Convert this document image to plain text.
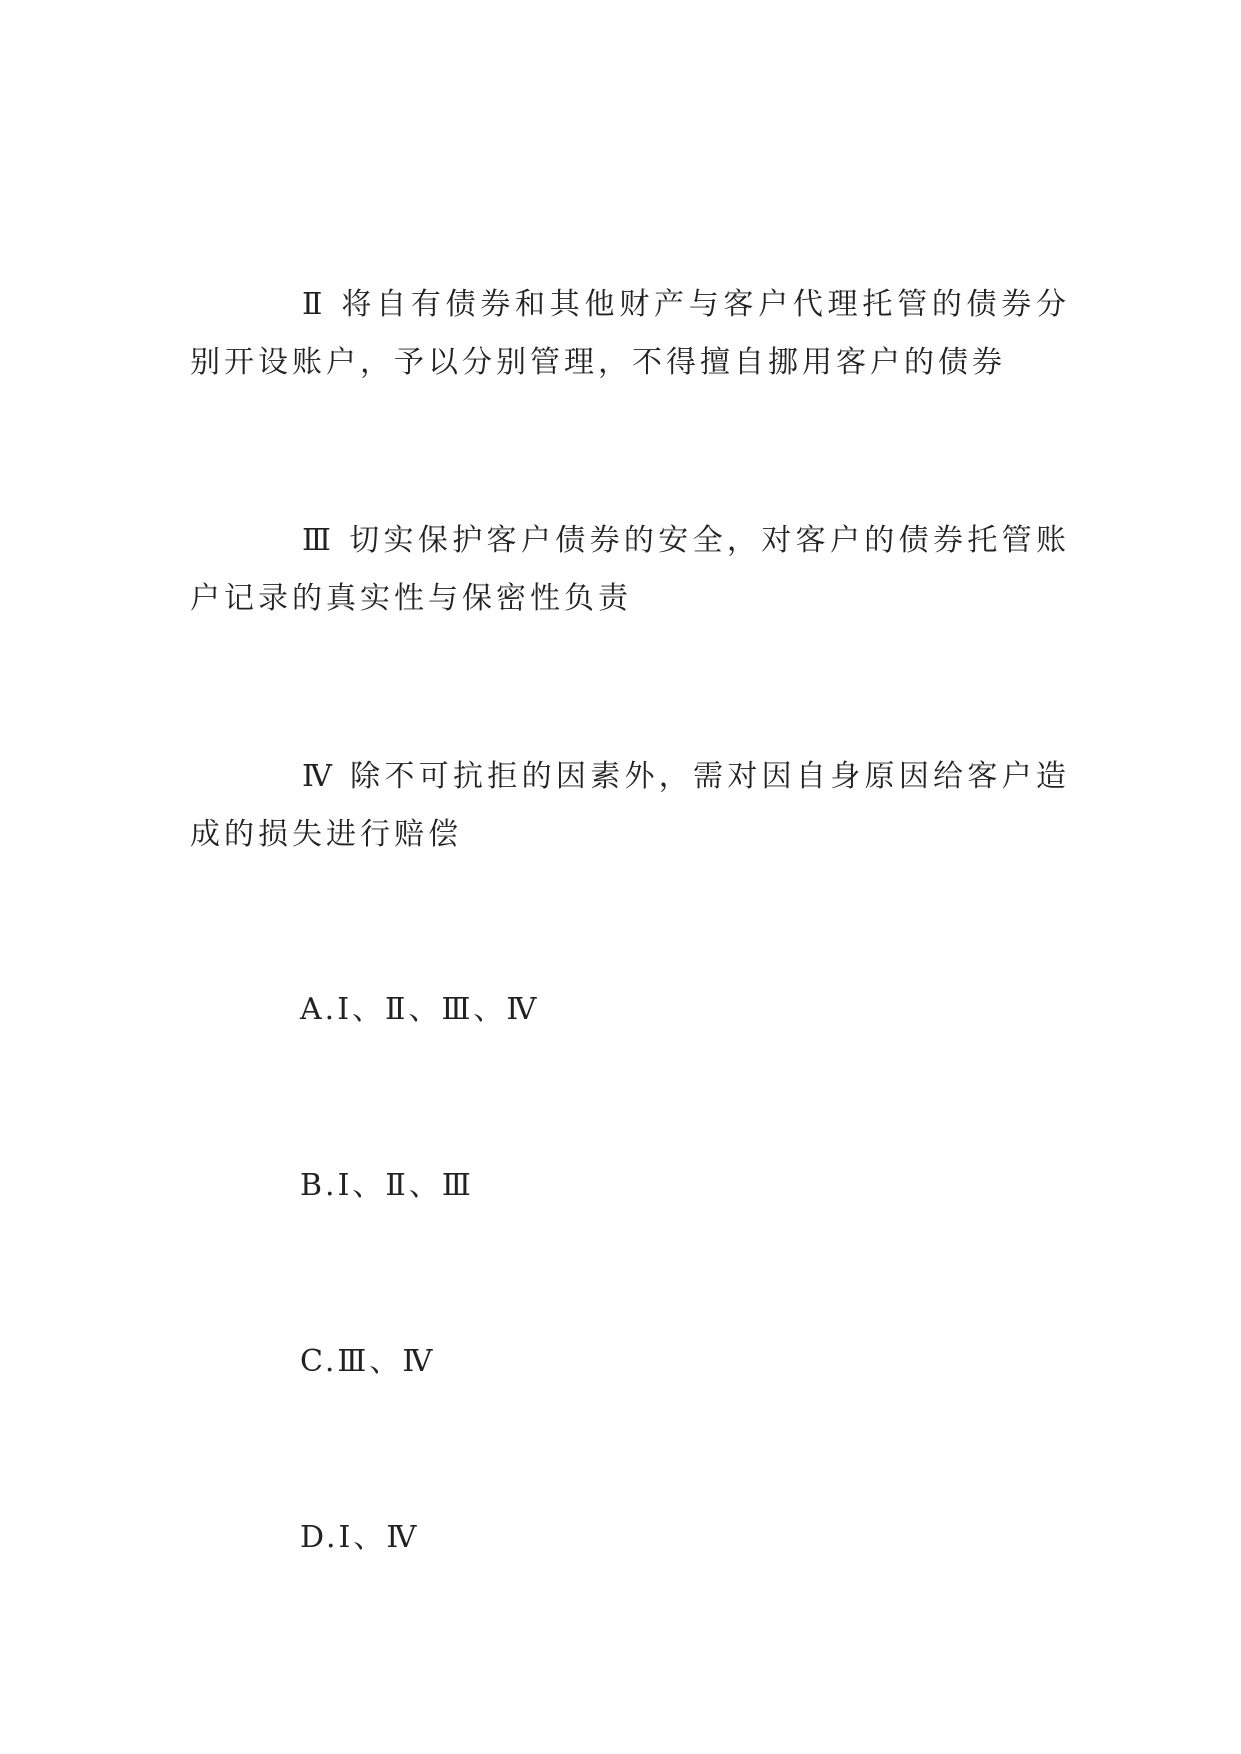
Ⅱ 将自有债券和其他财产与客户代理托管的债券分别开设账户，予以分别管理，不得擅自挪用客户的债券

Ⅲ 切实保护客户债券的安全，对客户的债券托管账户记录的真实性与保密性负责

Ⅳ 除不可抗拒的因素外，需对因自身原因给客户造成的损失进行赔偿

A.Ⅰ、Ⅱ、Ⅲ、Ⅳ

B.Ⅰ、Ⅱ、Ⅲ

C.Ⅲ、Ⅳ

D.Ⅰ、Ⅳ
